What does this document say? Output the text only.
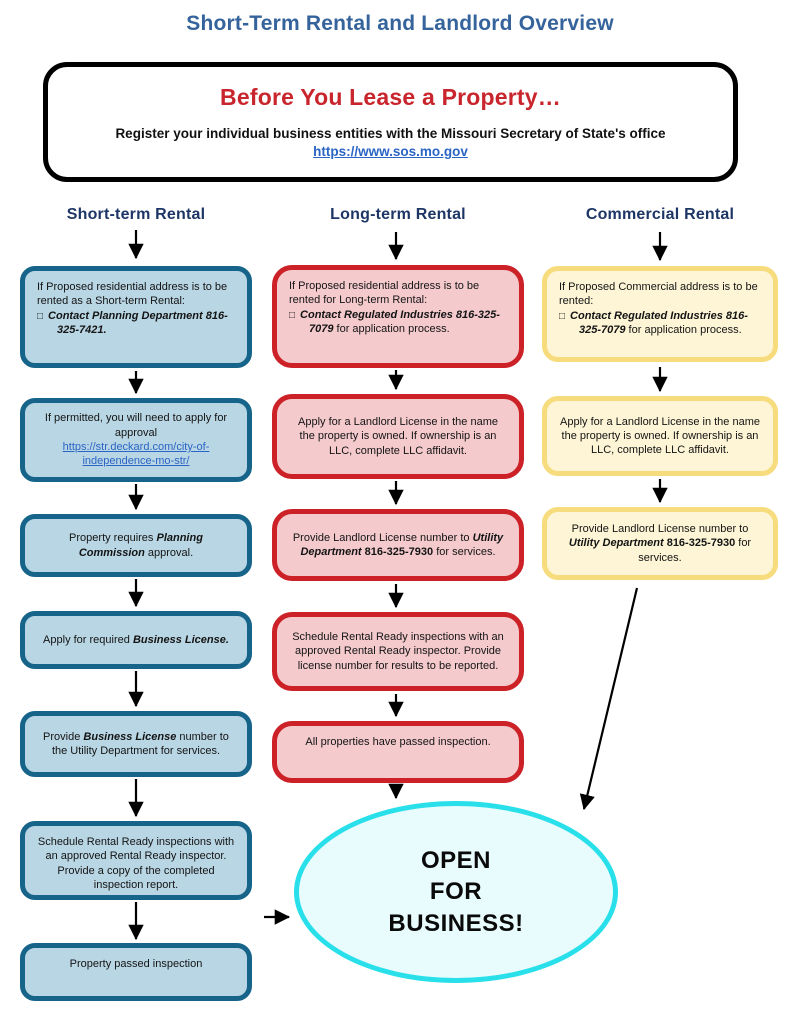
Short-Term Rental and Landlord Overview
Before You Lease a Property…
Register your individual business entities with the Missouri Secretary of State's office
https://www.sos.mo.gov
Short-term Rental	Long-term Rental	Commercial Rental
If Proposed residential address is to be rented as a Short-term Rental:
□ Contact Planning Department 816-325-7421.
If permitted, you will need to apply for approval
https://str.deckard.com/city-of-independence-mo-str/
Property requires Planning Commission approval.
Apply for required Business License.
Provide Business License number to the Utility Department for services.
Schedule Rental Ready inspections with an approved Rental Ready inspector. Provide a copy of the completed inspection report.
Property passed inspection
If Proposed residential address is to be rented for Long-term Rental:
□ Contact Regulated Industries 816-325-7079 for application process.
Apply for a Landlord License in the name the property is owned. If ownership is an LLC, complete LLC affidavit.
Provide Landlord License number to Utility Department 816-325-7930 for services.
Schedule Rental Ready inspections with an approved Rental Ready inspector. Provide license number for results to be reported.
All properties have passed inspection.
If Proposed Commercial address is to be rented:
□ Contact Regulated Industries 816-325-7079 for application process.
Apply for a Landlord License in the name the property is owned. If ownership is an LLC, complete LLC affidavit.
Provide Landlord License number to Utility Department 816-325-7930 for services.
OPEN
FOR
BUSINESS!
